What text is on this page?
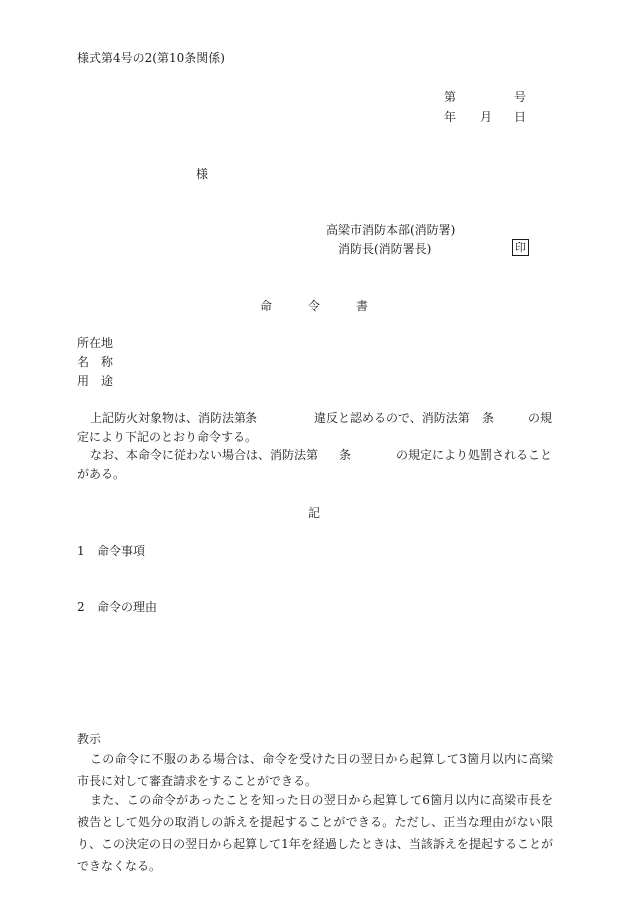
様式第4号の2(第10条関係)
第	号
年 月 日
様
高梁市消防本部(消防署)
消防長(消防署長)	印
命	令	書
所在地
名 称
用 途
上記防火対象物は、消防法第
条	違反と認めるので、消防法第 条	の規
定により下記のとおり命令する。
なお、本命令に従わない場合は、消防法第 条	の規定により処罰されること
がある。
記
1 命令事項
2 命令の理由
教示
この命令に不服のある場合は、命令を受けた日の翌日から起算して3箇月以内に高梁市長に対して審査請求をすることができる。
また、この命令があったことを知った日の翌日から起算して6箇月以内に高梁市長を被告として処分の取消しの訴えを提起することができる。ただし、正当な理由がない限り、この決定の日の翌日から起算して1年を経過したときは、当該訴えを提起することができなくなる。
